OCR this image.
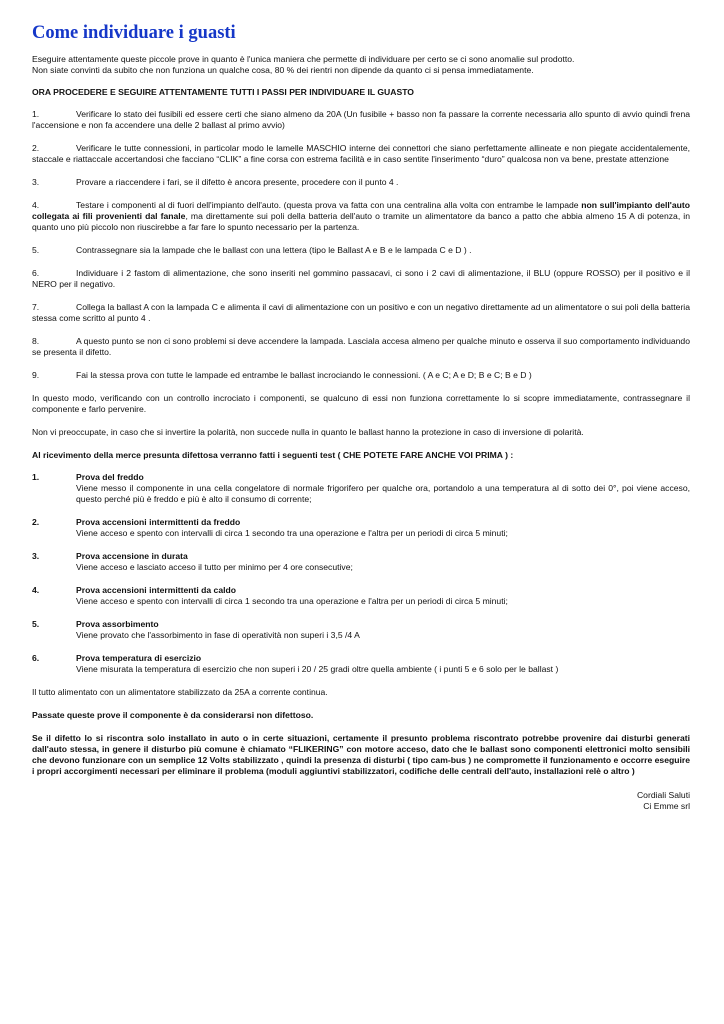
Come individuare i guasti

Eseguire attentamente queste piccole prove in quanto è l'unica maniera che permette di individuare per certo se ci sono anomalie sul prodotto.

Non siate convinti da subito che non funziona un qualche cosa, 80 % dei rientri non dipende da quanto ci si pensa immediatamente.

ORA PROCEDERE E SEGUIRE ATTENTAMENTE TUTTI I PASSI PER INDIVIDUARE IL GUASTO

1.	Verificare lo stato dei fusibili ed essere certi che siano almeno da 20A (Un fusibile + basso non fa passare la corrente necessaria allo spunto di avvio quindi frena l'accensione e non fa accendere una delle 2 ballast al primo avvio)

2.	Verificare le tutte connessioni, in particolar modo le lamelle MASCHIO interne dei connettori che siano perfettamente allineate e non piegate accidentalemente, staccale e riattaccale accertandosi che facciano “CLIK” a fine corsa con estrema facilità e in caso sentite l'inserimento “duro” qualcosa non va bene, prestate attenzione

3.	Provare a riaccendere i fari, se il difetto è ancora presente, procedere con il punto 4 .

4.	Testare i componenti al di fuori dell'impianto dell'auto. (questa prova va fatta con una centralina alla volta con entrambe le lampade non sull'impianto dell'auto collegata ai fili provenienti dal fanale, ma direttamente sui poli della batteria dell'auto o tramite un alimentatore da banco a patto che abbia almeno 15 A di potenza, in quanto uno più piccolo non riuscirebbe a far fare lo spunto necessario per la partenza.

5.	Contrassegnare sia la lampade che le ballast con una lettera (tipo le Ballast A e B e le lampada C e D ) .

6.	Individuare i 2 fastom di alimentazione, che sono inseriti nel gommino passacavi, ci sono i 2 cavi di alimentazione, il BLU (oppure ROSSO) per il positivo e il NERO per il negativo.

7.	Collega la ballast A con la lampada C e alimenta il cavi di alimentazione con un positivo e con un negativo direttamente ad un alimentatore o sui poli della batteria stessa come scritto al punto 4 .

8.	A questo punto se non ci sono problemi si deve accendere la lampada. Lasciala accesa almeno per qualche minuto e osserva il suo comportamento individuando se presenta il difetto.

9.	Fai la stessa prova con tutte le lampade ed entrambe le ballast incrociando le connessioni. ( A e C; A e D; B e C; B e D )

In questo modo, verificando con un controllo incrociato i componenti, se qualcuno di essi non funziona correttamente lo si scopre immediatamente, contrassegnare il componente e farlo pervenire.

Non vi preoccupate, in caso che si invertire la polarità, non succede nulla in quanto le ballast hanno la protezione in caso di inversione di polarità.

Al ricevimento della merce presunta difettosa verranno fatti i seguenti test ( CHE POTETE FARE ANCHE VOI PRIMA ) :

1.	Prova del freddo

Viene messo il componente in una cella congelatore di normale frigorifero per qualche ora, portandolo a una temperatura al di sotto dei 0°, poi viene acceso, questo perché più è freddo e più è alto il consumo di corrente;

2.	Prova accensioni intermittenti da freddo

Viene acceso e spento con intervalli di circa 1 secondo tra una operazione e l'altra per un periodi di circa 5 minuti;

3.	Prova accensione in durata

Viene acceso e lasciato acceso il tutto per minimo per 4 ore consecutive;

4.	Prova accensioni intermittenti da caldo

Viene acceso e spento con intervalli di circa 1 secondo tra una operazione e l'altra per un periodi di circa 5 minuti;

5.	Prova assorbimento

Viene provato che l'assorbimento in fase di operatività non superi i 3,5 /4 A

6.	Prova temperatura di esercizio

Viene misurata la temperatura di esercizio che non superi i 20 / 25 gradi oltre quella ambiente ( i punti 5 e 6 solo per le ballast )

Il tutto alimentato con un alimentatore stabilizzato da 25A a corrente continua.

Passate queste prove il componente è da considerarsi non difettoso.

Se il difetto lo si riscontra solo installato in auto o in certe situazioni, certamente il presunto problema riscontrato potrebbe provenire dai disturbi generati dall'auto stessa, in genere il disturbo più comune è chiamato “FLIKERING” con motore acceso, dato che le ballast sono componenti elettronici molto sensibili che devono funzionare con un semplice 12 Volts stabilizzato , quindi la presenza di disturbi ( tipo cam-bus ) ne compromette il funzionamento e occorre eseguire i propri accorgimenti necessari per eliminare il problema (moduli aggiuntivi stabilizzatori, codifiche delle centrali dell'auto, installazioni relè o altro )

Cordiali Saluti
Ci Emme srl
